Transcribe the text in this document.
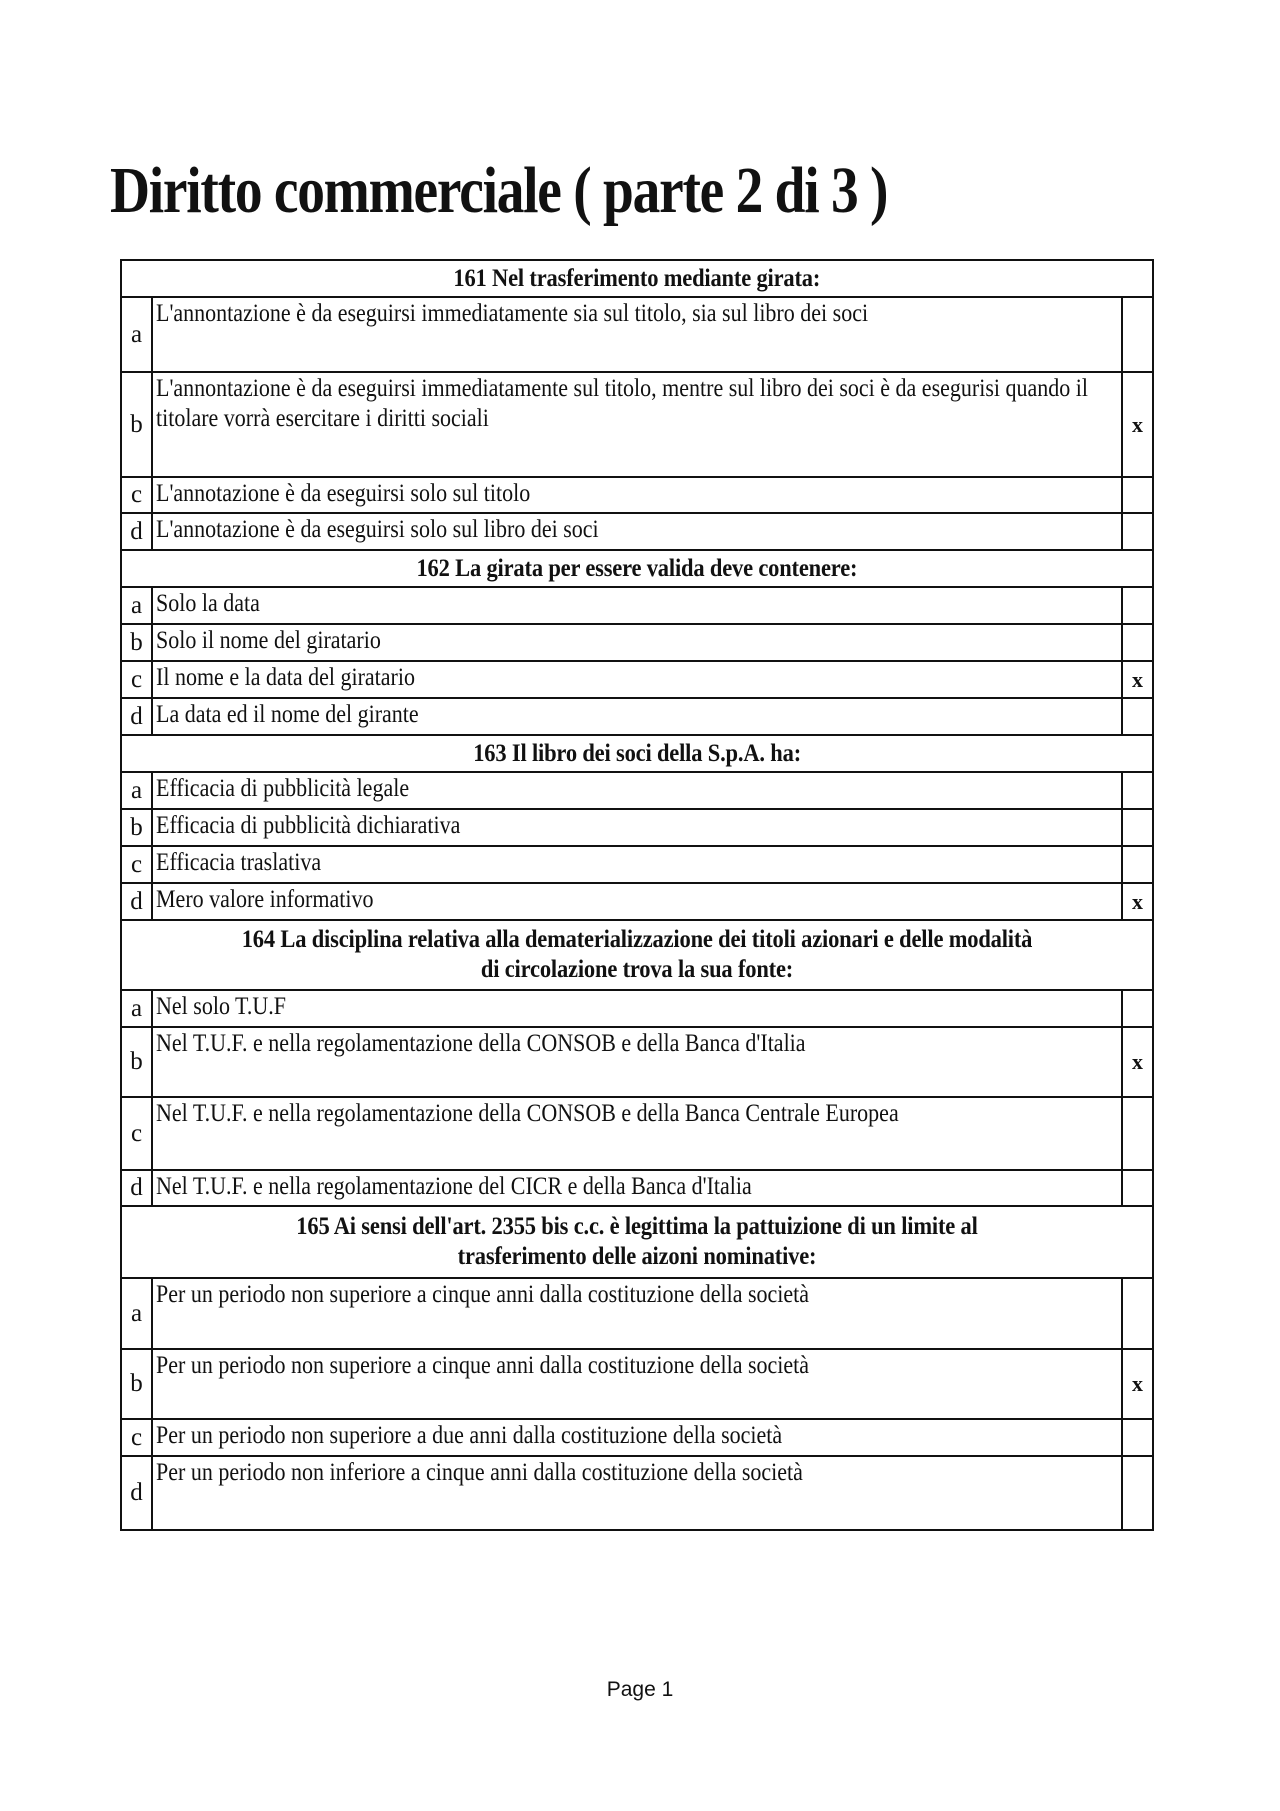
Diritto commerciale ( parte 2 di 3 )
161 Nel trasferimento mediante girata:		
a	L'annontazione è da eseguirsi immediatamente sia sul titolo, sia sul libro dei soci	

b	L'annontazione è da eseguirsi immediatamente sul titolo, mentre sul libro dei soci è da esegurisi quando il titolare vorrà esercitare i diritti sociali	x
c	L'annotazione è da eseguirsi solo sul titolo	

d	L'annotazione è da eseguirsi solo sul libro dei soci	

162 La girata per essere valida deve contenere:		
a	Solo la data	

b	Solo il nome del giratario	

c	Il nome e la data del giratario	x
d	La data ed il nome del girante	

163 Il libro dei soci della S.p.A. ha:		
a	Efficacia di pubblicità legale	

b	Efficacia di pubblicità dichiarativa	

c	Efficacia traslativa	

d	Mero valore informativo	x
164 La disciplina relativa alla dematerializzazione dei titoli azionari e delle modalità di circolazione trova la sua fonte:		
a	Nel solo T.U.F	

b	Nel T.U.F. e nella regolamentazione della CONSOB e della Banca d'Italia	x
c	Nel T.U.F. e nella regolamentazione della CONSOB e della Banca Centrale Europea	

d	Nel T.U.F. e nella regolamentazione del CICR e della Banca d'Italia	

165 Ai sensi dell'art. 2355 bis c.c. è legittima la pattuizione di un limite al trasferimento delle aizoni nominative:		
a	Per un periodo non superiore a cinque anni dalla costituzione della società	

b	Per un periodo non superiore a cinque anni dalla costituzione della società	x
c	Per un periodo non superiore a due anni dalla costituzione della società	

d	Per un periodo non inferiore a cinque anni dalla costituzione della società	

Page 1
